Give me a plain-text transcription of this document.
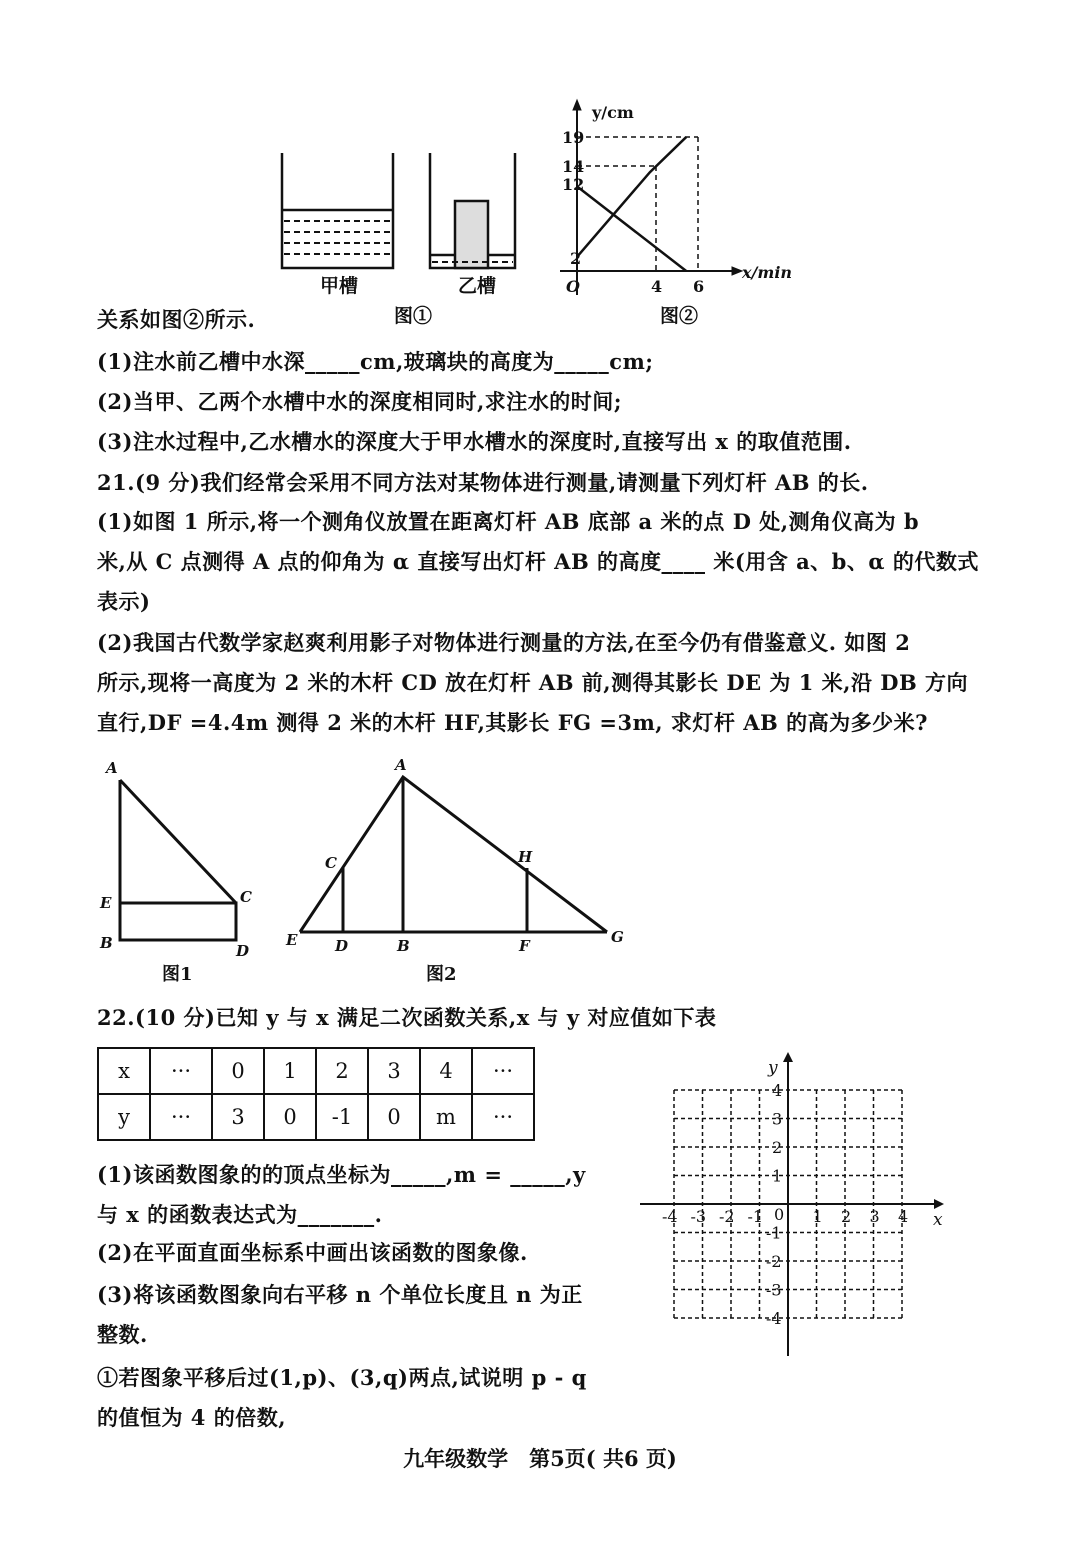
甲槽	乙槽
图①	图②
y/cm
x/min
O
19
14
12
2
4 6
A
E
B
C
D
图1
A
C	H
E	D	B	F	G
图2
y
x
0
-4 -3 -2 -1	1 2 3 4
4
3
2
1
-1
-2
-3
-4
关系如图②所示.
(1)注水前乙槽中水深_____cm,玻璃块的高度为_____cm;
(2)当甲、乙两个水槽中水的深度相同时,求注水的时间;
(3)注水过程中,乙水槽水的深度大于甲水槽水的深度时,直接写出 x 的取值范围.
21.(9 分)我们经常会采用不同方法对某物体进行测量,请测量下列灯杆 AB 的长.
(1)如图 1 所示,将一个测角仪放置在距离灯杆 AB 底部 a 米的点 D 处,测角仪高为 b
米,从 C 点测得 A 点的仰角为 α 直接写出灯杆 AB 的高度____ 米(用含 a、b、α 的代数式
表示)
(2)我国古代数学家赵爽利用影子对物体进行测量的方法,在至今仍有借鉴意义. 如图 2
所示,现将一高度为 2 米的木杆 CD 放在灯杆 AB 前,测得其影长 DE 为 1 米,沿 DB 方向
直行,DF =4.4m 测得 2 米的木杆 HF,其影长 FG =3m, 求灯杆 AB 的高为多少米?
22.(10 分)已知 y 与 x 满足二次函数关系,x 与 y 对应值如下表
(1)该函数图象的的顶点坐标为_____,m = _____,y
与 x 的函数表达式为_______.
(2)在平面直面坐标系中画出该函数的图象像.
(3)将该函数图象向右平移 n 个单位长度且 n 为正
整数.
①若图象平移后过(1,p)、(3,q)两点,试说明 p - q
的值恒为 4 的倍数,
x	···	0	1	2	3	4	···
y	···	3	0	-1	0	m	···
九年级数学　第5页( 共6 页)
